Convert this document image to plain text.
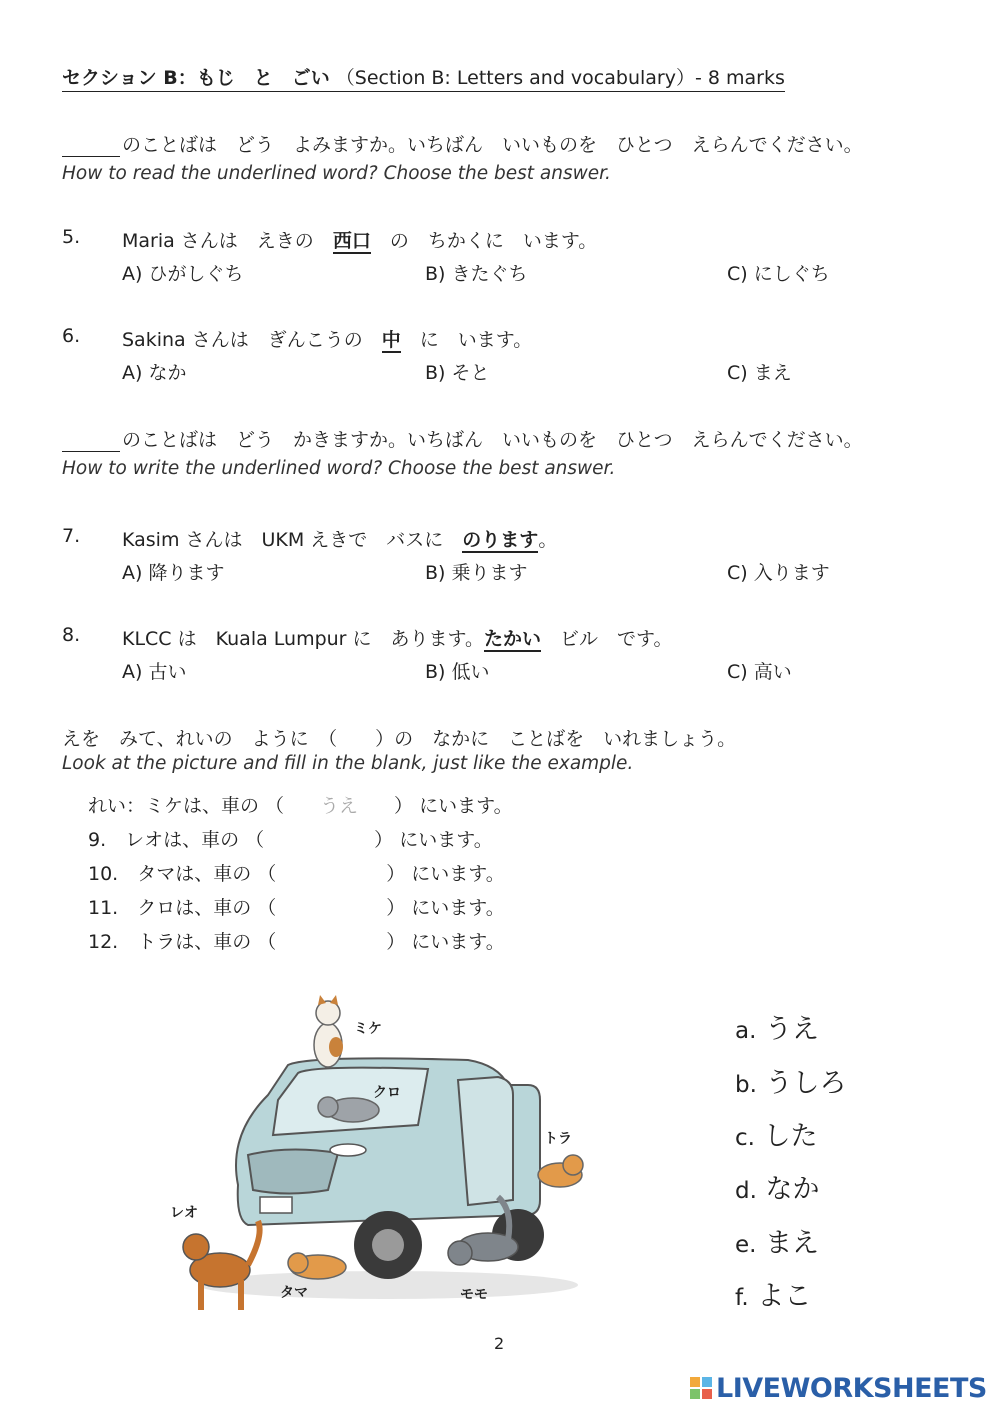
セクション B：もじ　と　ごい （Section B: Letters and vocabulary）- 8 marks
のことばは　どう　よみますか。いちばん　いいものを　ひとつ　えらんでください。
How to read the underlined word? Choose the best answer.
5. Maria さんは　えきの　西口　の　ちかくに　います。
A) ひがしぐち	B) きたぐち	C) にしぐち
6. Sakina さんは　ぎんこうの　中　に　います。
A) なか	B) そと	C) まえ
のことばは　どう　かきますか。いちばん　いいものを　ひとつ　えらんでください。
How to write the underlined word? Choose the best answer.
7. Kasim さんは　UKM えきで　バスに　のります。
A) 降ります	B) 乗ります	C) 入ります
8. KLCC は　Kuala Lumpur に　あります。たかい　ビル　です。
A) 古い	B) 低い	C) 高い
えを　みて、れいの　ように　（　　）の　なかに　ことばを　いれましょう。
Look at the picture and fill in the blank, just like the example.
れい：ミケは、車の （ うえ ） にいます。
9.　レオは、車の （	） にいます。
10.　タマは、車の （	） にいます。
11.　クロは、車の （	） にいます。
12.　トラは、車の （	） にいます。
ミケ
クロ
トラ
レオ
タマ	モモ
a. うえ
b. うしろ
c. した
d. なか
e. まえ
f. よこ
2
LIVEWORKSHEETS
